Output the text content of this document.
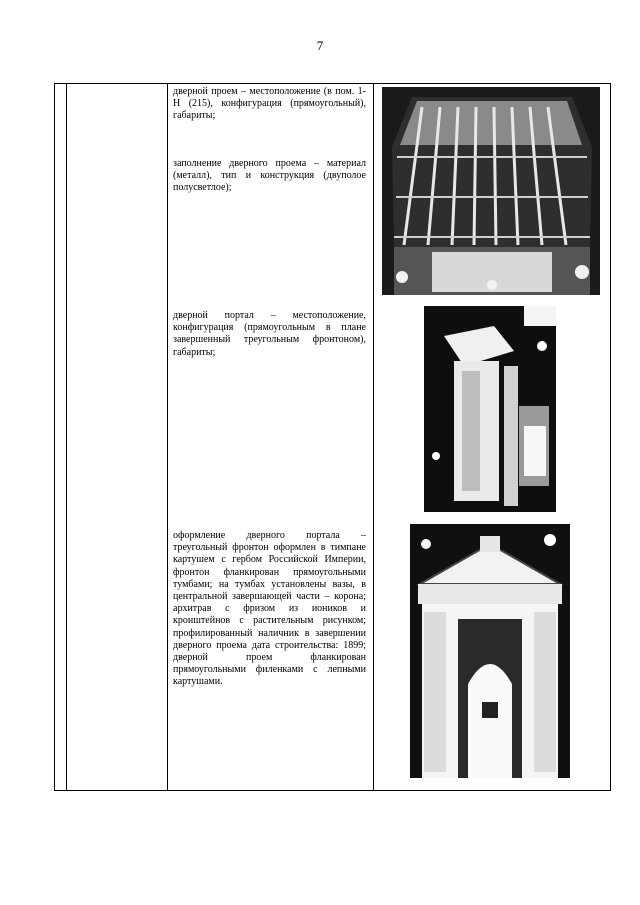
7

дверной проем – местоположение (в пом. 1-Н (215), конфигурация (прямоугольный), габариты;
заполнение дверного проема – материал (металл), тип и конструкция (двуполое полусветлое);
дверной портал – местоположение, конфигурация (прямоугольным в плане завершенный треугольным фронтоном), габариты;
оформление дверного портала – треугольный фронтон оформлен в тимпане картушем с гербом Российской Империи, фронтон фланкирован прямоугольными тумбами; на тумбах установлены вазы, в центральной завершающей части – корона; архитрав с фризом из иоников и кронштейнов с растительным рисунком; профилированный наличник в завершении дверного проема дата строительства: 1899; дверной проем фланкирован прямоугольными филенками с лепными картушами.
